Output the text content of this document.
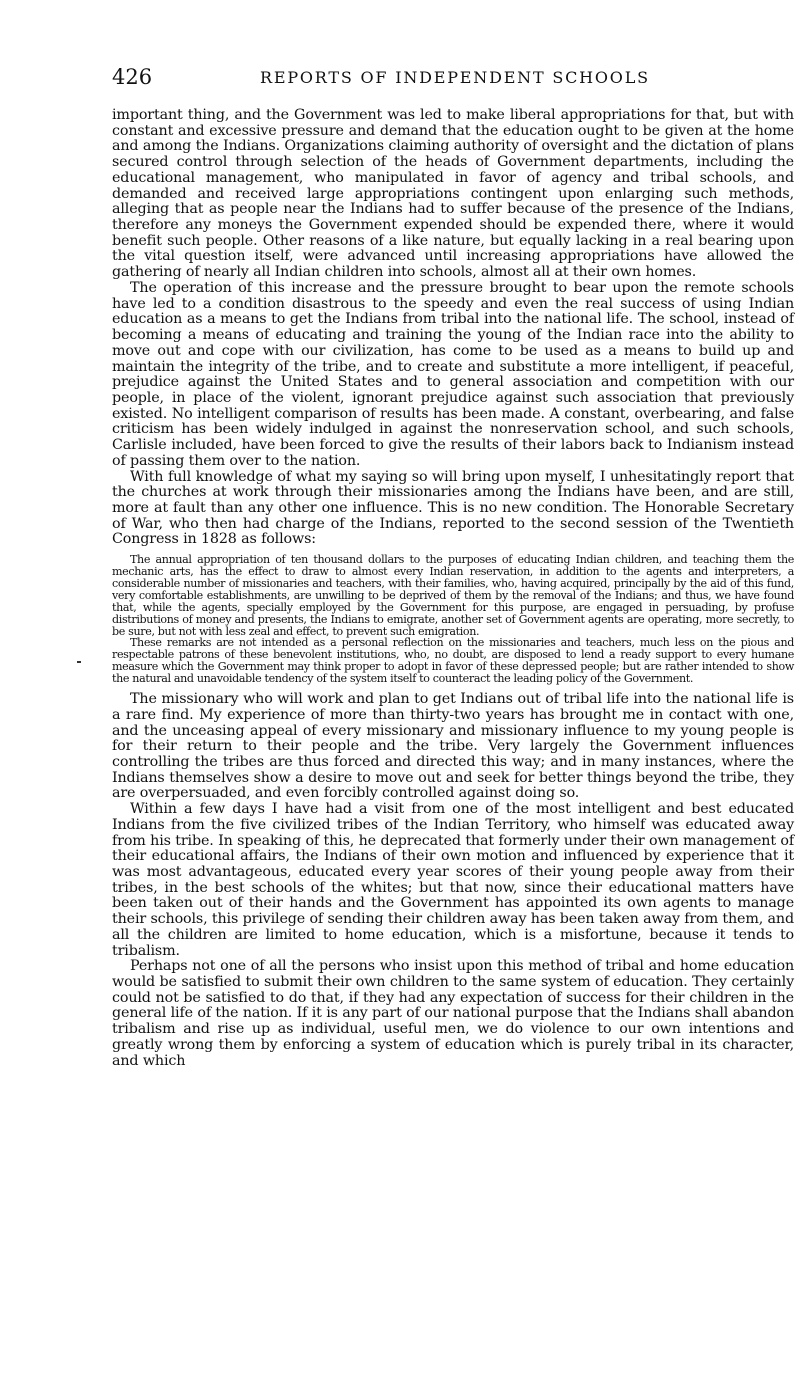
426	REPORTS OF INDEPENDENT SCHOOLS

important thing, and the Government was led to make liberal appropriations for that, but with constant and excessive pressure and demand that the education ought to be given at the home and among the Indians. Organizations claiming authority of oversight and the dictation of plans secured control through selection of the heads of Government departments, including the educational management, who manipulated in favor of agency and tribal schools, and demanded and received large appropriations contingent upon enlarging such methods, alleging that as people near the Indians had to suffer because of the presence of the Indians, therefore any moneys the Government expended should be expended there, where it would benefit such people. Other reasons of a like nature, but equally lacking in a real bearing upon the vital question itself, were advanced until increasing appropriations have allowed the gathering of nearly all Indian children into schools, almost all at their own homes.

The operation of this increase and the pressure brought to bear upon the remote schools have led to a condition disastrous to the speedy and even the real success of using Indian education as a means to get the Indians from tribal into the national life. The school, instead of becoming a means of educating and training the young of the Indian race into the ability to move out and cope with our civilization, has come to be used as a means to build up and maintain the integrity of the tribe, and to create and substitute a more intelligent, if peaceful, prejudice against the United States and to general association and competition with our people, in place of the violent, ignorant prejudice against such association that previously existed. No intelligent comparison of results has been made. A constant, overbearing, and false criticism has been widely indulged in against the nonreservation school, and such schools, Carlisle included, have been forced to give the results of their labors back to Indianism instead of passing them over to the nation.

With full knowledge of what my saying so will bring upon myself, I unhesitatingly report that the churches at work through their missionaries among the Indians have been, and are still, more at fault than any other one influence. This is no new condition. The Honorable Secretary of War, who then had charge of the Indians, reported to the second session of the Twentieth Congress in 1828 as follows:

The annual appropriation of ten thousand dollars to the purposes of educating Indian children, and teaching them the mechanic arts, has the effect to draw to almost every Indian reservation, in addition to the agents and interpreters, a considerable number of missionaries and teachers, with their families, who, having acquired, principally by the aid of this fund, very comfortable establishments, are unwilling to be deprived of them by the removal of the Indians; and thus, we have found that, while the agents, specially employed by the Government for this purpose, are engaged in persuading, by profuse distributions of money and presents, the Indians to emigrate, another set of Government agents are operating, more secretly, to be sure, but not with less zeal and effect, to prevent such emigration.

These remarks are not intended as a personal reflection on the missionaries and teachers, much less on the pious and respectable patrons of these benevolent institutions, who, no doubt, are disposed to lend a ready support to every humane measure which the Government may think proper to adopt in favor of these depressed people; but are rather intended to show the natural and unavoidable tendency of the system itself to counteract the leading policy of the Government.

The missionary who will work and plan to get Indians out of tribal life into the national life is a rare find. My experience of more than thirty-two years has brought me in contact with one, and the unceasing appeal of every missionary and missionary influence to my young people is for their return to their people and the tribe. Very largely the Government influences controlling the tribes are thus forced and directed this way; and in many instances, where the Indians themselves show a desire to move out and seek for better things beyond the tribe, they are overpersuaded, and even forcibly controlled against doing so.

Within a few days I have had a visit from one of the most intelligent and best educated Indians from the five civilized tribes of the Indian Territory, who himself was educated away from his tribe. In speaking of this, he deprecated that formerly under their own management of their educational affairs, the Indians of their own motion and influenced by experience that it was most advantageous, educated every year scores of their young people away from their tribes, in the best schools of the whites; but that now, since their educational matters have been taken out of their hands and the Government has appointed its own agents to manage their schools, this privilege of sending their children away has been taken away from them, and all the children are limited to home education, which is a misfortune, because it tends to tribalism.

Perhaps not one of all the persons who insist upon this method of tribal and home education would be satisfied to submit their own children to the same system of education. They certainly could not be satisfied to do that, if they had any expectation of success for their children in the general life of the nation. If it is any part of our national purpose that the Indians shall abandon tribalism and rise up as individual, useful men, we do violence to our own intentions and greatly wrong them by enforcing a system of education which is purely tribal in its character, and which
